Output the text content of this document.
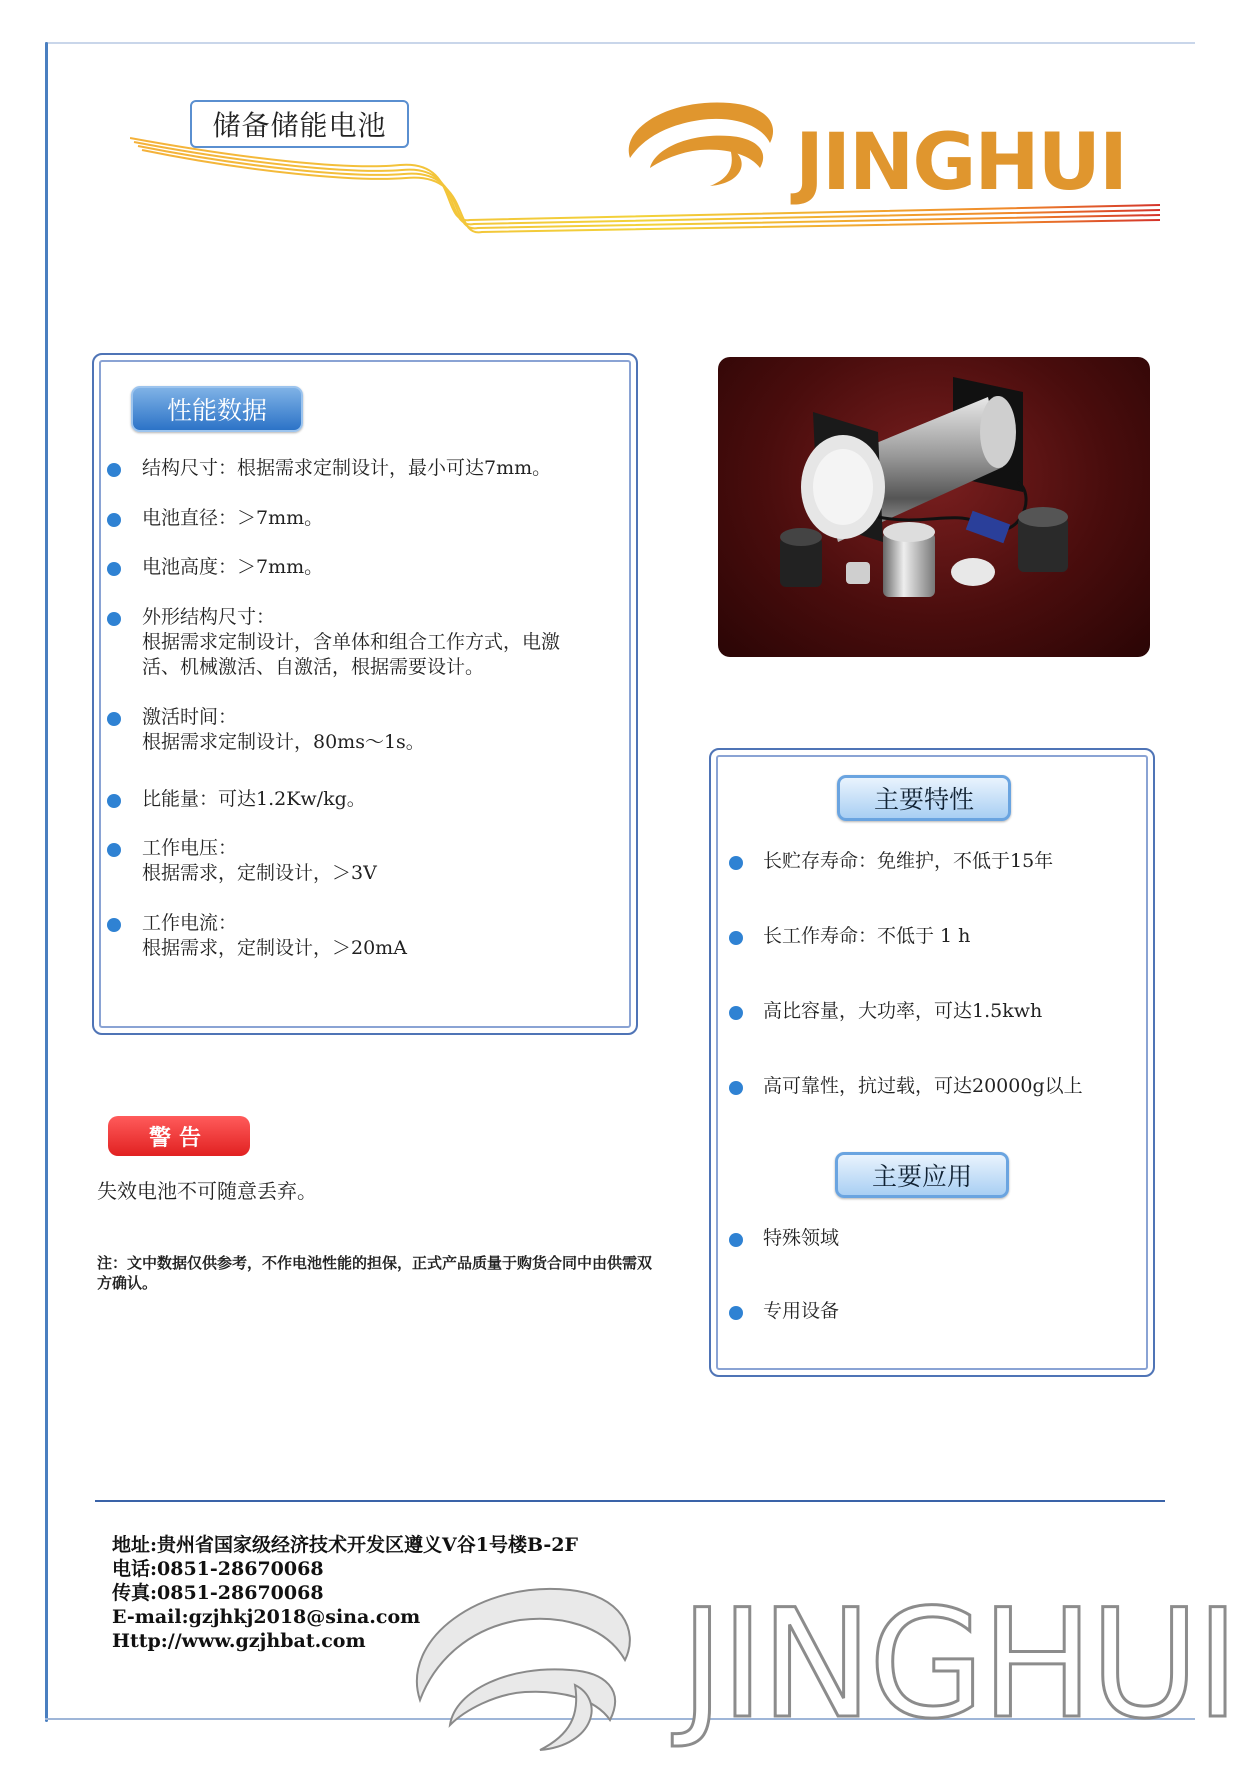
储备储能电池	JINGHUI
性能数据
结构尺寸：根据需求定制设计，最小可达7mm。
电池直径：＞7mm。
电池高度：＞7mm。
外形结构尺寸：
根据需求定制设计，含单体和组合工作方式，电激
活、机械激活、自激活，根据需要设计。
激活时间：
根据需求定制设计，80ms～1s。
比能量：可达1.2Kw/kg。
工作电压：
根据需求，定制设计，＞3V
工作电流：
根据需求，定制设计，＞20mA
警告
失效电池不可随意丢弃。
注：文中数据仅供参考，不作电池性能的担保，正式产品质量于购货合同中由供需双方确认。
主要特性
长贮存寿命：免维护，不低于15年
长工作寿命：不低于 1 h
高比容量，大功率，可达1.5kwh
高可靠性，抗过载，可达20000g以上
主要应用
特殊领域
专用设备
地址:贵州省国家级经济技术开发区遵义V谷1号楼B-2F
电话:0851-28670068
传真:0851-28670068
E-mail:gzjhkj2018@sina.com
Http://www.gzjhbat.com	JINGHUI
